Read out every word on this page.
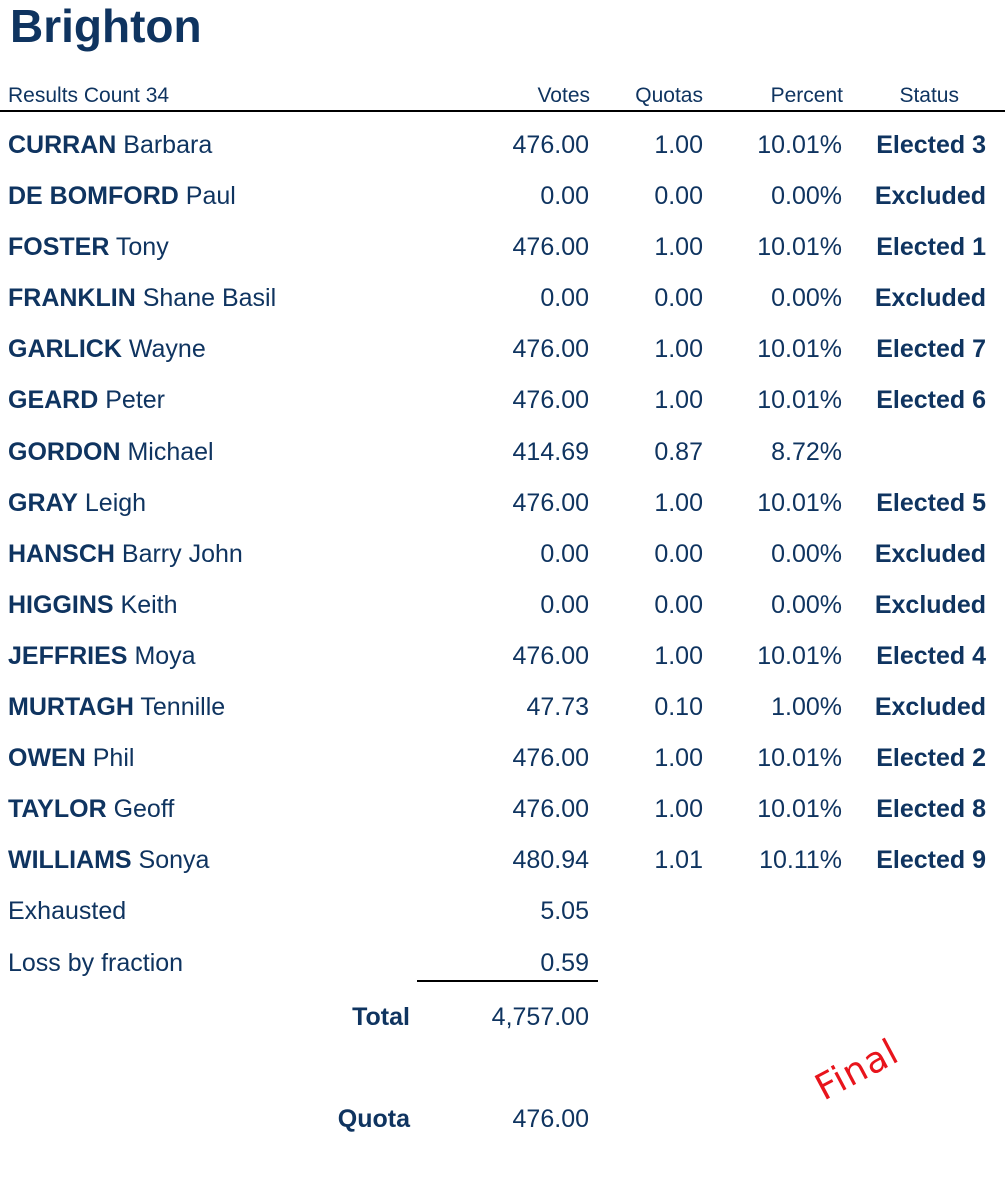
Brighton
Results Count 34	Votes Quotas	Percent	Status
CURRAN Barbara	476.00	1.00 10.01% Elected 3
DE BOMFORD Paul	0.00	0.00	0.00% Excluded
FOSTER Tony	476.00	1.00 10.01% Elected 1
FRANKLIN Shane Basil	0.00	0.00	0.00% Excluded
GARLICK Wayne	476.00	1.00 10.01% Elected 7
GEARD Peter	476.00	1.00 10.01% Elected 6
GORDON Michael	414.69	0.87	8.72%
GRAY Leigh	476.00	1.00 10.01% Elected 5
HANSCH Barry John	0.00	0.00	0.00% Excluded
HIGGINS Keith	0.00	0.00	0.00% Excluded
JEFFRIES Moya	476.00	1.00 10.01% Elected 4
MURTAGH Tennille	47.73	0.10	1.00% Excluded
OWEN Phil	476.00	1.00 10.01% Elected 2
TAYLOR Geoff	476.00	1.00 10.01% Elected 8
WILLIAMS Sonya	480.94	1.01 10.11% Elected 9
Exhausted	5.05
Loss by fraction	0.59
Total	4,757.00
Quota	476.00
Final
